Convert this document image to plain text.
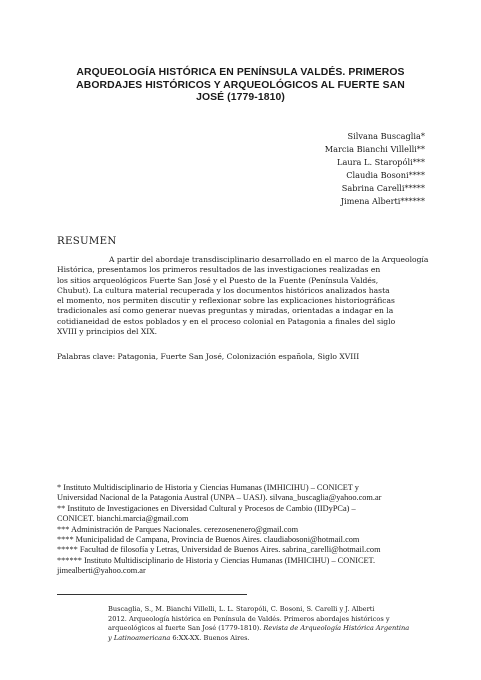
ARQUEOLOGÍA HISTÓRICA EN PENÍNSULA VALDÉS. PRIMEROS
ABORDAJES HISTÓRICOS Y ARQUEOLÓGICOS AL FUERTE SAN
JOSÉ (1779-1810)
Silvana Buscaglia*
Marcia Bianchi Villelli**
Laura L. Staropóli***
Claudia Bosoni****
Sabrina Carelli*****
Jimena Alberti******
RESUMEN
A partir del abordaje transdisciplinario desarrollado en el marco de la Arqueología
Histórica, presentamos los primeros resultados de las investigaciones realizadas en
los sitios arqueológicos Fuerte San José y el Puesto de la Fuente (Península Valdés,
Chubut). La cultura material recuperada y los documentos históricos analizados hasta
el momento, nos permiten discutir y reflexionar sobre las explicaciones historiográficas
tradicionales así como generar nuevas preguntas y miradas, orientadas a indagar en la
cotidianeidad de estos poblados y en el proceso colonial en Patagonia a finales del siglo
XVIII y principios del XIX.
Palabras clave: Patagonia, Fuerte San José, Colonización española, Siglo XVIII
* Instituto Multidisciplinario de Historia y Ciencias Humanas (IMHICIHU) – CONICET y
Universidad Nacional de la Patagonia Austral (UNPA – UASJ). silvana_buscaglia@yahoo.com.ar
** Instituto de Investigaciones en Diversidad Cultural y Procesos de Cambio (IIDyPCa) –
CONICET. bianchi.marcia@gmail.com
*** Administración de Parques Nacionales. cerezosenenero@gmail.com
**** Municipalidad de Campana, Provincia de Buenos Aires. claudiabosoni@hotmail.com
***** Facultad de filosofía y Letras, Universidad de Buenos Aires. sabrina_carelli@hotmail.com
****** Instituto Multidisciplinario de Historia y Ciencias Humanas (IMHICIHU) – CONICET.
jimealberti@yahoo.com.ar
Buscaglia, S., M. Bianchi Villelli, L. L. Staropóli, C. Bosoni, S. Carelli y J. Alberti
2012. Arqueología histórica en Península de Valdés. Primeros abordajes históricos y
arqueológicos al fuerte San José (1779-1810). Revista de Arqueología Histórica Argentina
y Latinoamericana 6:XX-XX. Buenos Aires.
